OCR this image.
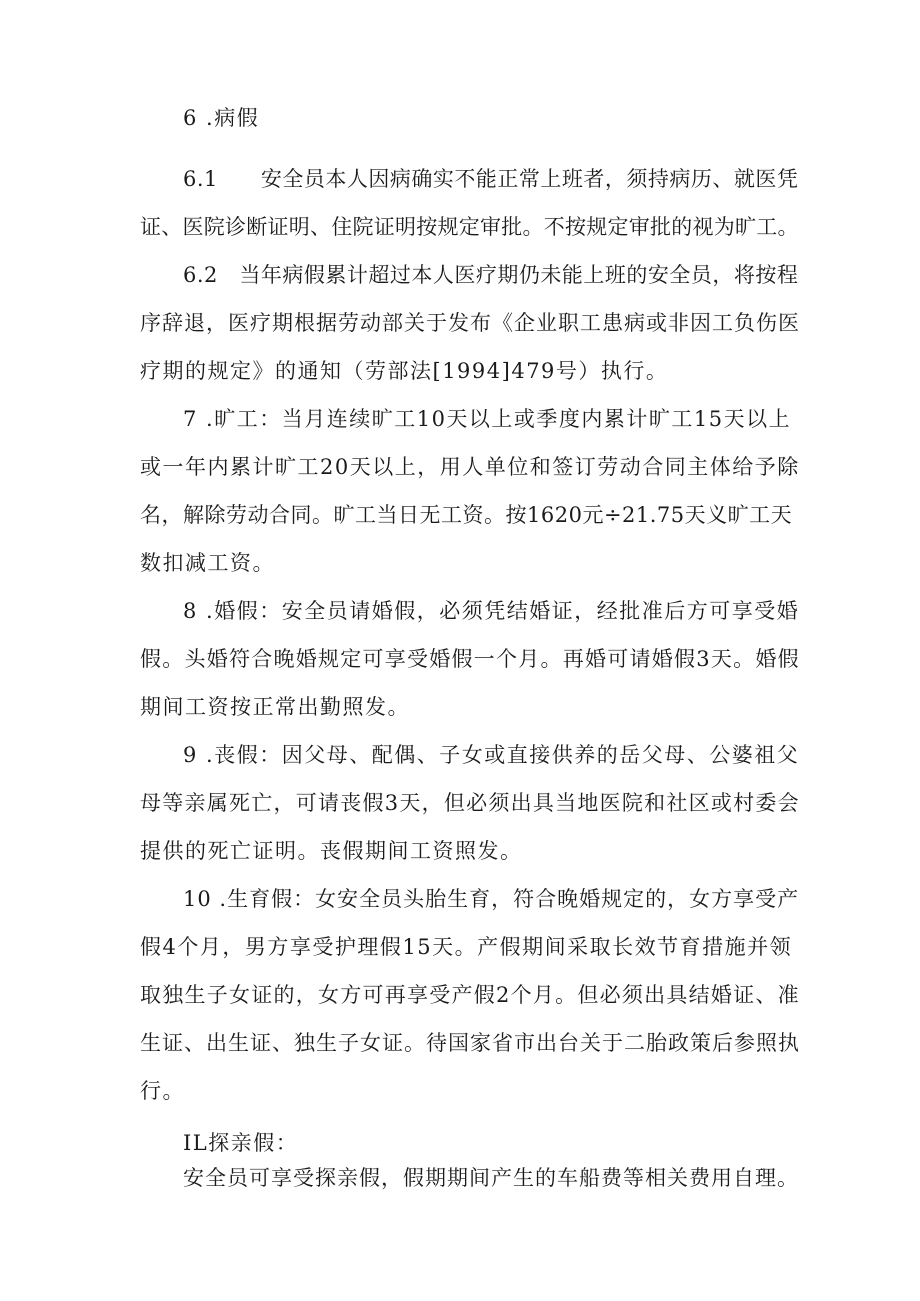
6 .病假
6.1　　安全员本人因病确实不能正常上班者，须持病历、就医凭
证、医院诊断证明、住院证明按规定审批。不按规定审批的视为旷工。
6.2　当年病假累计超过本人医疗期仍未能上班的安全员，将按程
序辞退，医疗期根据劳动部关于发布《企业职工患病或非因工负伤医
疗期的规定》的通知（劳部法[1994]479号）执行。
7 .旷工：当月连续旷工10天以上或季度内累计旷工15天以上
或一年内累计旷工20天以上，用人单位和签订劳动合同主体给予除
名，解除劳动合同。旷工当日无工资。按1620元÷21.75天义旷工天
数扣减工资。
8 .婚假：安全员请婚假，必须凭结婚证，经批准后方可享受婚
假。头婚符合晚婚规定可享受婚假一个月。再婚可请婚假3天。婚假
期间工资按正常出勤照发。
9 .丧假：因父母、配偶、子女或直接供养的岳父母、公婆祖父
母等亲属死亡，可请丧假3天，但必须出具当地医院和社区或村委会
提供的死亡证明。丧假期间工资照发。
10 .生育假：女安全员头胎生育，符合晚婚规定的，女方享受产
假4个月，男方享受护理假15天。产假期间采取长效节育措施并领
取独生子女证的，女方可再享受产假2个月。但必须出具结婚证、准
生证、出生证、独生子女证。待国家省市出台关于二胎政策后参照执
行。
IL探亲假：
安全员可享受探亲假，假期期间产生的车船费等相关费用自理。
